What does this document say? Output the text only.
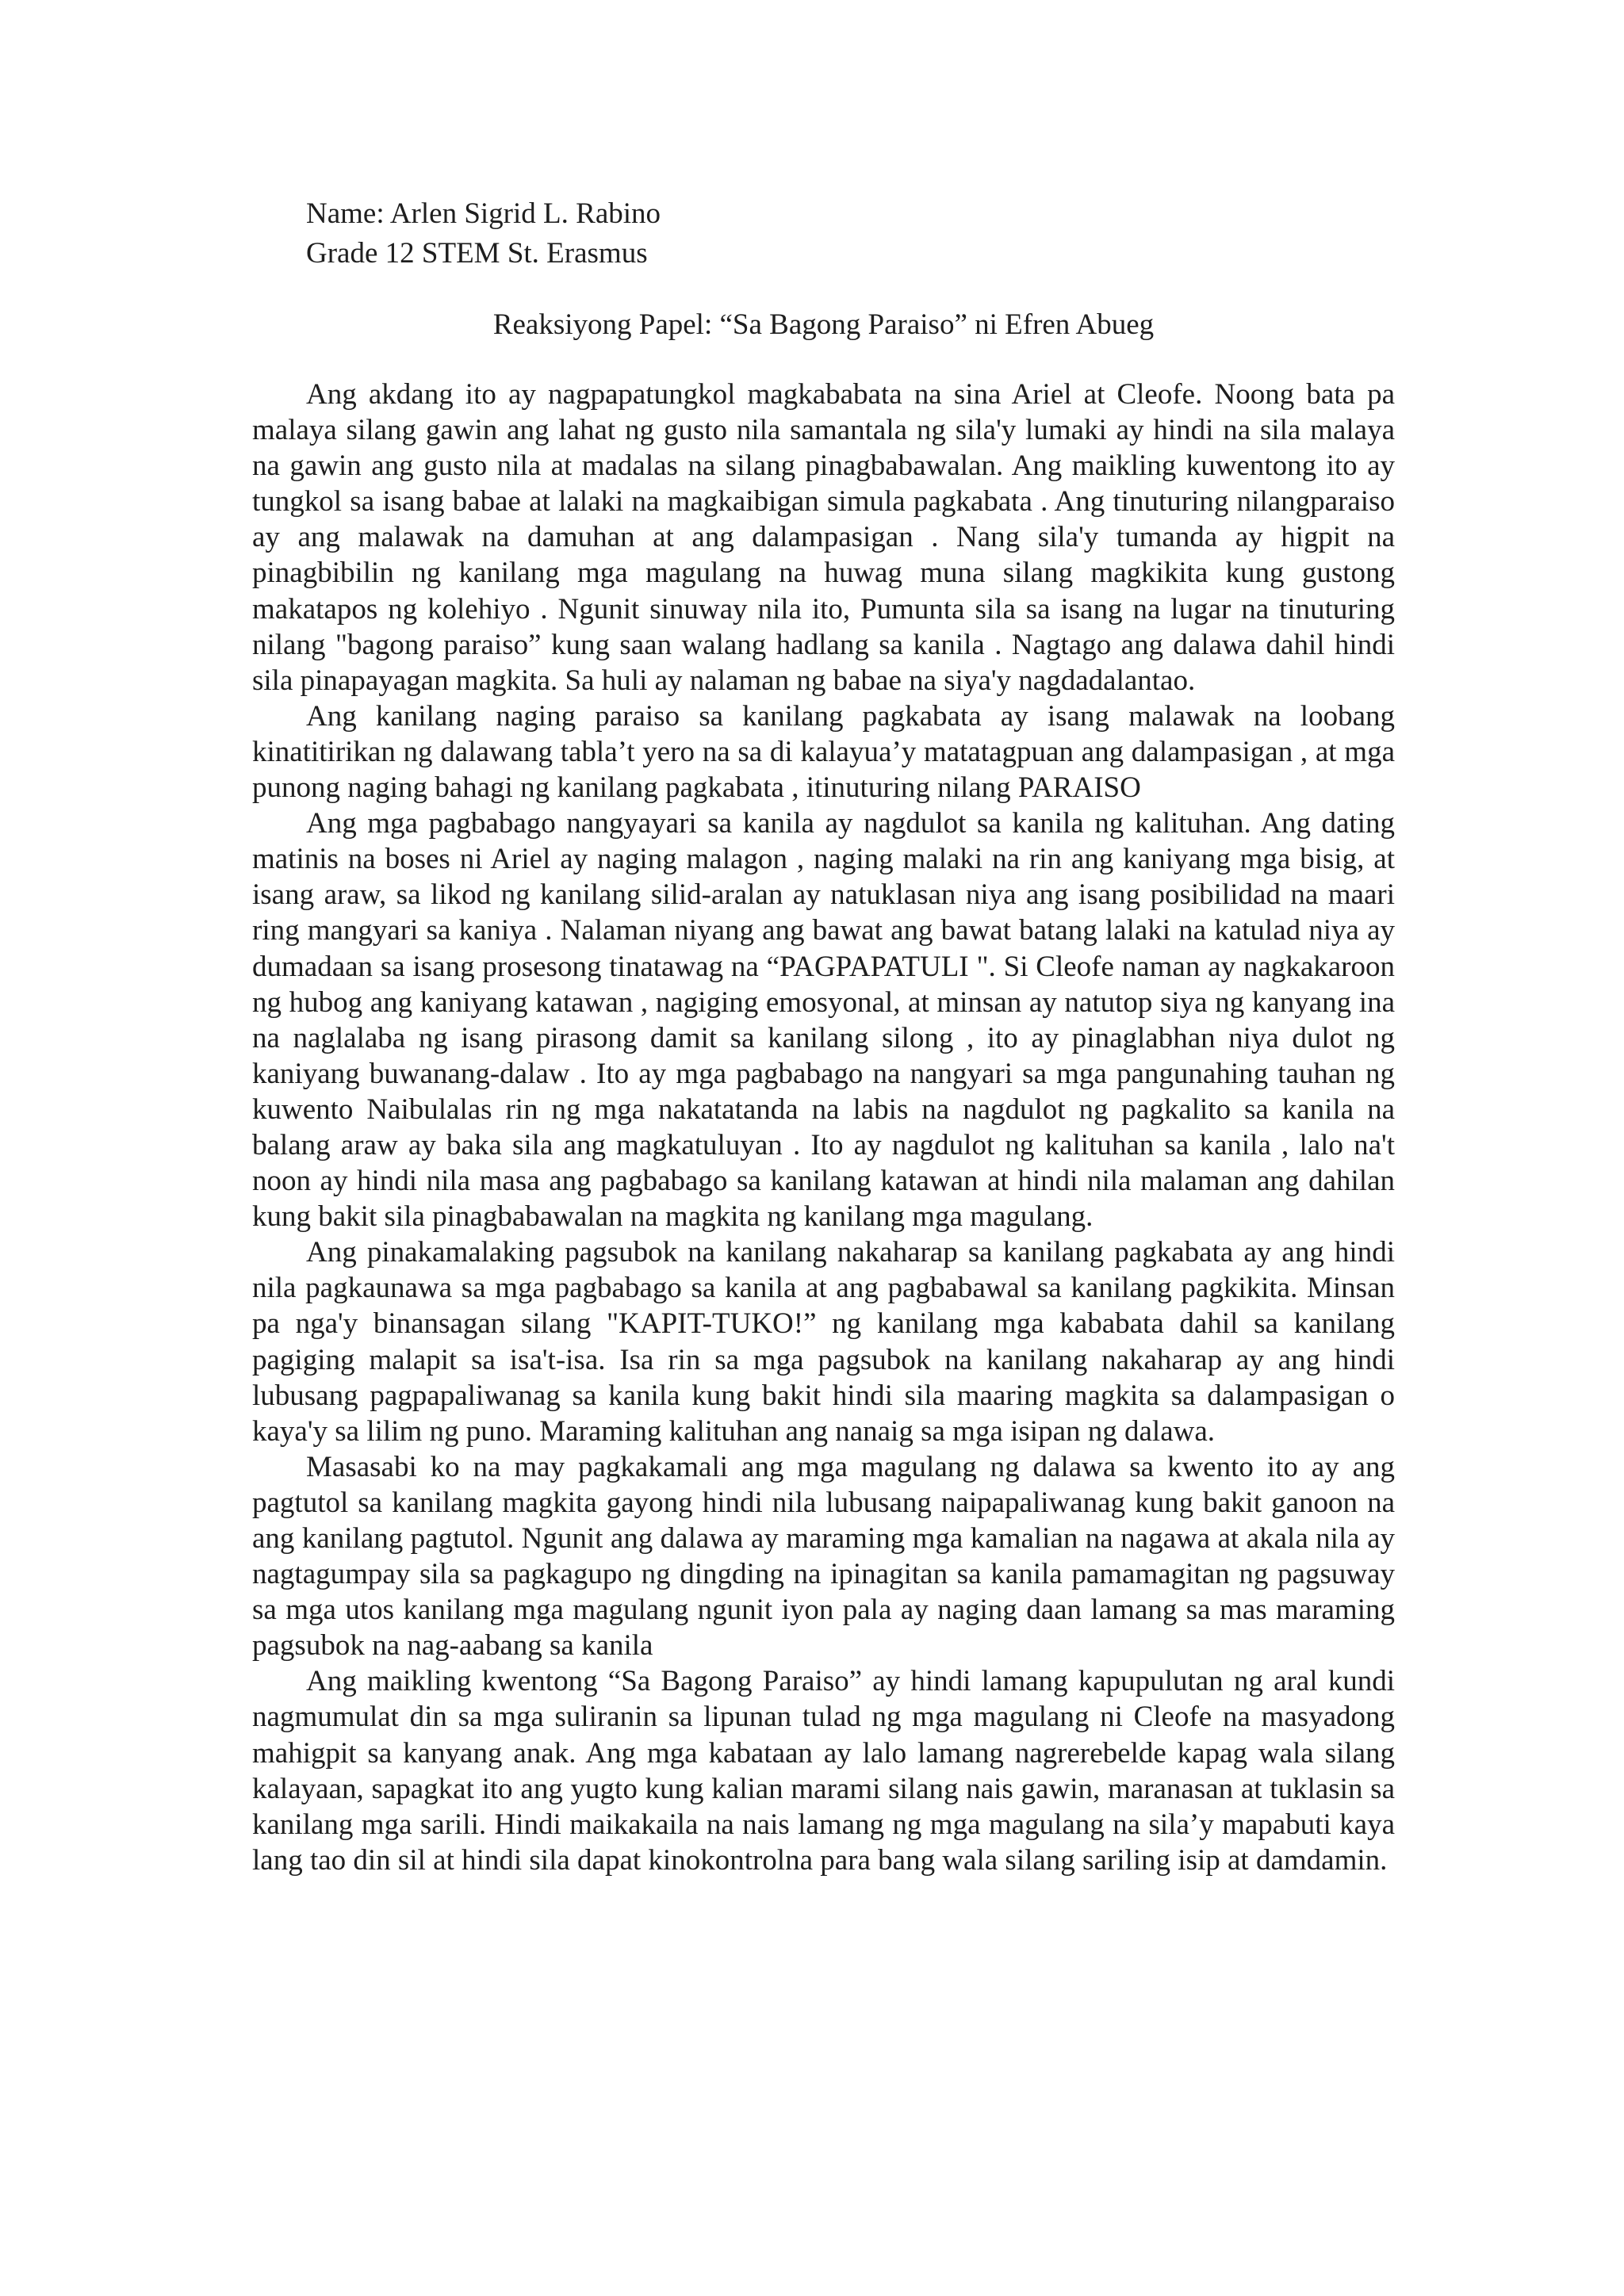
Name: Arlen Sigrid L. Rabino
Grade 12 STEM St. Erasmus
Reaksiyong Papel: “Sa Bagong Paraiso” ni Efren Abueg

Ang akdang ito ay nagpapatungkol magkababata na sina Ariel at Cleofe. Noong bata pa malaya silang gawin ang lahat ng gusto nila samantala ng sila'y lumaki ay hindi na sila malaya na gawin ang gusto nila at madalas na silang pinagbabawalan. Ang maikling kuwentong ito ay tungkol sa isang babae at lalaki na magkaibigan simula pagkabata . Ang tinuturing nilangparaiso ay ang malawak na damuhan at ang dalampasigan . Nang sila'y tumanda ay higpit na pinagbibilin ng kanilang mga magulang na huwag muna silang magkikita kung gustong makatapos ng kolehiyo . Ngunit sinuway nila ito, Pumunta sila sa isang na lugar na tinuturing nilang "bagong paraiso” kung saan walang hadlang sa kanila . Nagtago ang dalawa dahil hindi sila pinapayagan magkita. Sa huli ay nalaman ng babae na siya'y nagdadalantao.

Ang kanilang naging paraiso sa kanilang pagkabata ay isang malawak na loobang kinatitirikan ng dalawang tabla’t yero na sa di kalayua’y matatagpuan ang dalampasigan , at mga punong naging bahagi ng kanilang pagkabata , itinuturing nilang PARAISO

Ang mga pagbabago nangyayari sa kanila ay nagdulot sa kanila ng kalituhan. Ang dating matinis na boses ni Ariel ay naging malagon , naging malaki na rin ang kaniyang mga bisig, at isang araw, sa likod ng kanilang silid-aralan ay natuklasan niya ang isang posibilidad na maari ring mangyari sa kaniya . Nalaman niyang ang bawat ang bawat batang lalaki na katulad niya ay dumadaan sa isang prosesong tinatawag na “PAGPAPATULI ". Si Cleofe naman ay nagkakaroon ng hubog ang kaniyang katawan , nagiging emosyonal, at minsan ay natutop siya ng kanyang ina na naglalaba ng isang pirasong damit sa kanilang silong , ito ay pinaglabhan niya dulot ng kaniyang buwanang-dalaw . Ito ay mga pagbabago na nangyari sa mga pangunahing tauhan ng kuwento Naibulalas rin ng mga nakatatanda na labis na nagdulot ng pagkalito sa kanila na balang araw ay baka sila ang magkatuluyan . Ito ay nagdulot ng kalituhan sa kanila , lalo na't noon ay hindi nila masa ang pagbabago sa kanilang katawan at hindi nila malaman ang dahilan kung bakit sila pinagbabawalan na magkita ng kanilang mga magulang.

Ang pinakamalaking pagsubok na kanilang nakaharap sa kanilang pagkabata ay ang hindi nila pagkaunawa sa mga pagbabago sa kanila at ang pagbabawal sa kanilang pagkikita. Minsan pa nga'y binansagan silang "KAPIT-TUKO!” ng kanilang mga kababata dahil sa kanilang pagiging malapit sa isa't-isa. Isa rin sa mga pagsubok na kanilang nakaharap ay ang hindi lubusang pagpapaliwanag sa kanila kung bakit hindi sila maaring magkita sa dalampasigan o kaya'y sa lilim ng puno. Maraming kalituhan ang nanaig sa mga isipan ng dalawa.

Masasabi ko na may pagkakamali ang mga magulang ng dalawa sa kwento ito ay ang pagtutol sa kanilang magkita gayong hindi nila lubusang naipapaliwanag kung bakit ganoon na ang kanilang pagtutol. Ngunit ang dalawa ay maraming mga kamalian na nagawa at akala nila ay nagtagumpay sila sa pagkagupo ng dingding na ipinagitan sa kanila pamamagitan ng pagsuway sa mga utos kanilang mga magulang ngunit iyon pala ay naging daan lamang sa mas maraming pagsubok na nag-aabang sa kanila

Ang maikling kwentong “Sa Bagong Paraiso” ay hindi lamang kapupulutan ng aral kundi nagmumulat din sa mga suliranin sa lipunan tulad ng mga magulang ni Cleofe na masyadong mahigpit sa kanyang anak. Ang mga kabataan ay lalo lamang nagrerebelde kapag wala silang kalayaan, sapagkat ito ang yugto kung kalian marami silang nais gawin, maranasan at tuklasin sa kanilang mga sarili. Hindi maikakaila na nais lamang ng mga magulang na sila’y mapabuti kaya lang tao din sil at hindi sila dapat kinokontrolna para bang wala silang sariling isip at damdamin.
